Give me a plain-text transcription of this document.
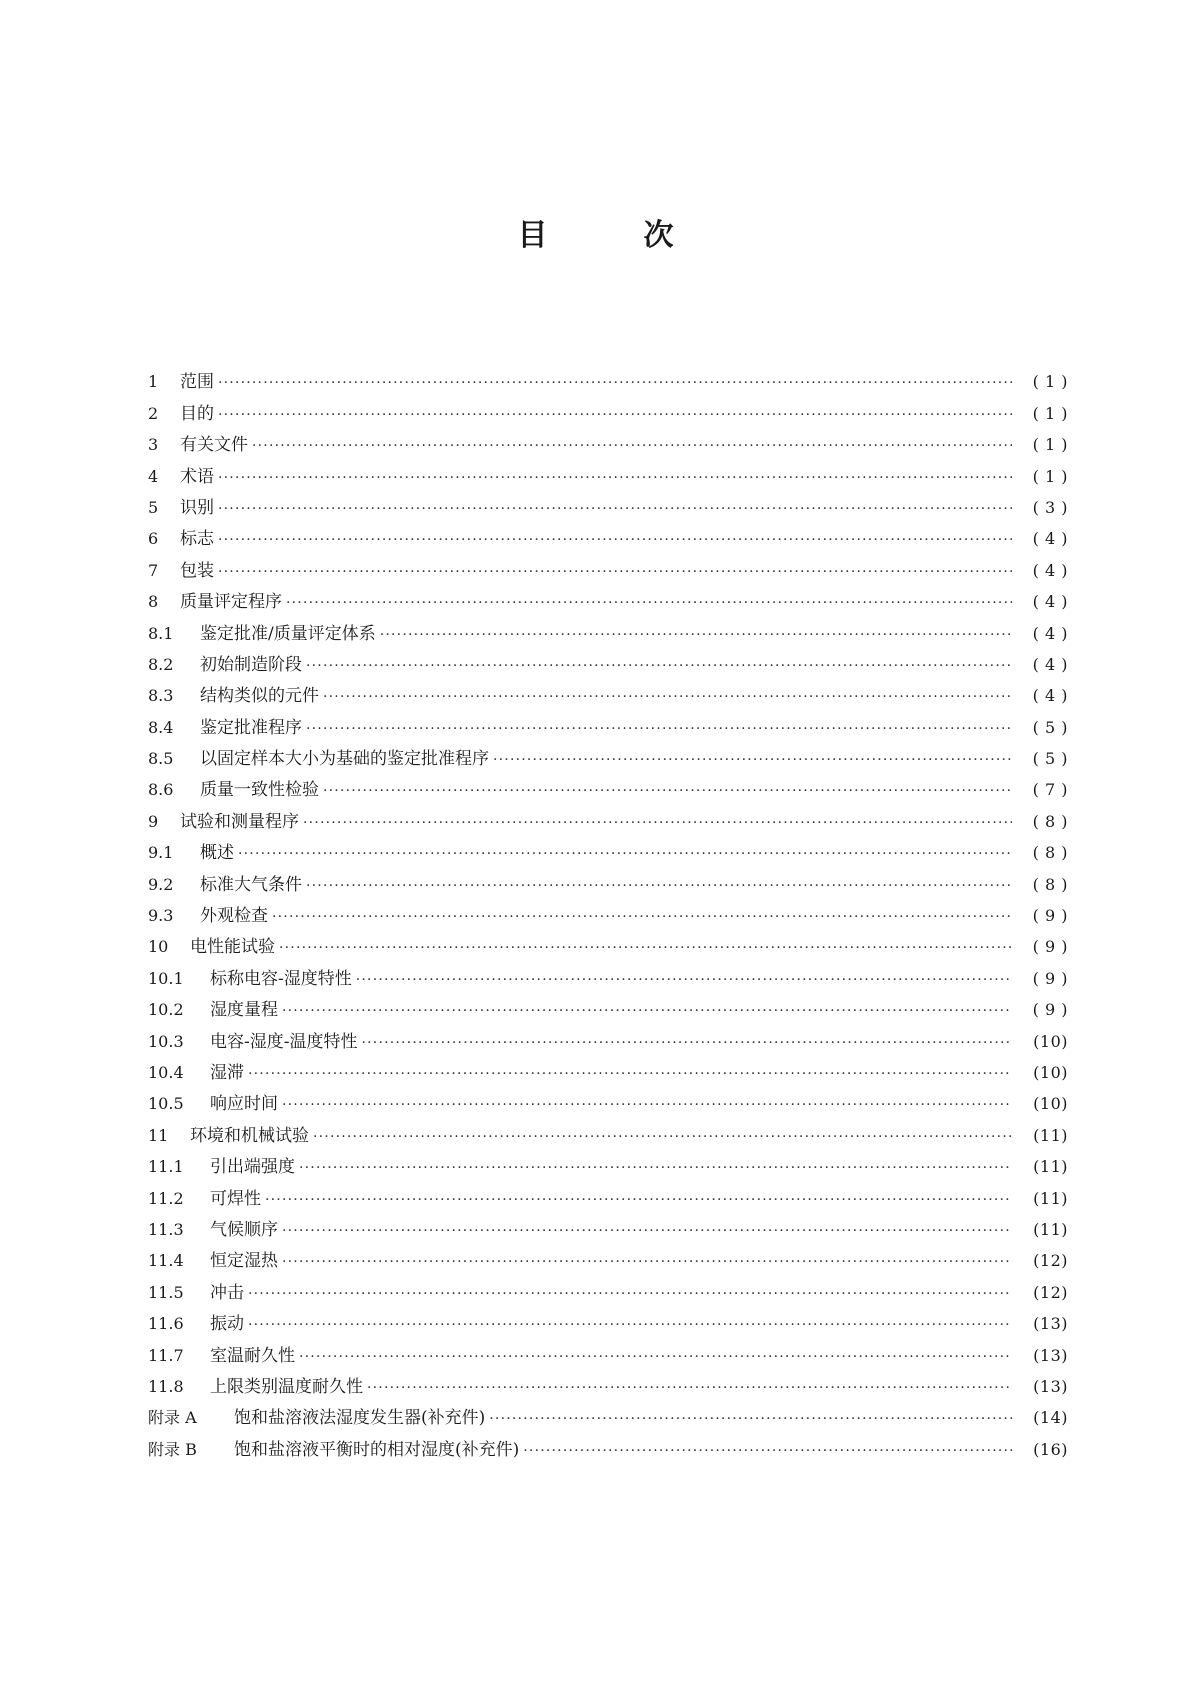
目	次
1	范围 ·····	( 1 )
2	目的 ·····	( 1 )
3	有关文件 ·····	( 1 )
4	术语 ·····	( 1 )
5	识别 ·····	( 3 )
6	标志 ·····	( 4 )
7	包装 ·····	( 4 )
8	质量评定程序 ·····	( 4 )
8.1	鉴定批准/质量评定体系 ·····	( 4 )
8.2	初始制造阶段 ·····	( 4 )
8.3	结构类似的元件 ·····	( 4 )
8.4	鉴定批准程序 ·····	( 5 )
8.5	以固定样本大小为基础的鉴定批准程序 ·····	( 5 )
8.6	质量一致性检验 ·····	( 7 )
9	试验和测量程序 ·····	( 8 )
9.1	概述 ·····	( 8 )
9.2	标准大气条件 ·····	( 8 )
9.3	外观检查 ·····	( 9 )
10	电性能试验 ·····	( 9 )
10.1	标称电容-湿度特性 ·····	( 9 )
10.2	湿度量程 ·····	( 9 )
10.3	电容-湿度-温度特性 ·····	(10)
10.4	湿滞 ·····	(10)
10.5	响应时间 ·····	(10)
11	环境和机械试验 ·····	(11)
11.1	引出端强度 ·····	(11)
11.2	可焊性 ·····	(11)
11.3	气候顺序 ·····	(11)
11.4	恒定湿热 ·····	(12)
11.5	冲击 ·····	(12)
11.6	振动 ·····	(13)
11.7	室温耐久性 ·····	(13)
11.8	上限类别温度耐久性 ·····	(13)
附录 A	饱和盐溶液法湿度发生器(补充件) ·····	(14)
附录 B	饱和盐溶液平衡时的相对湿度(补充件) ·····	(16)
